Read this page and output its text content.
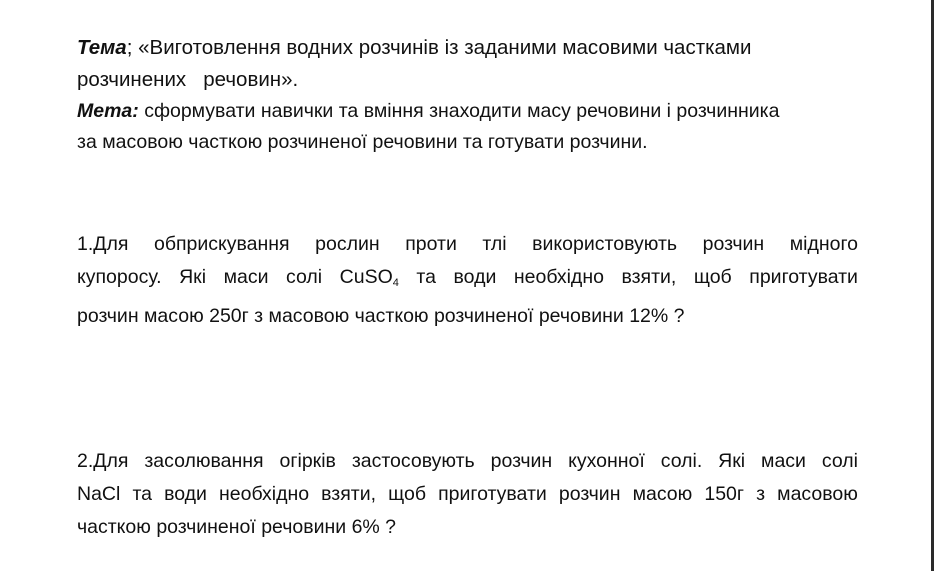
Тема; «Виготовлення водних розчинів із заданими масовими частками
розчинених   речовин».
Мета: сформувати навички та вміння знаходити масу речовини і розчинника
за масовою часткою розчиненої речовини та готувати розчини.
1.Для обприскування рослин проти тлі використовують розчин мідного
купоросу. Які маси солі CuSO$_4$ та води необхідно взяти, щоб приготувати
розчин масою 250г з масовою часткою розчиненої речовини 12% ?
2.Для засолювання огірків застосовують розчин кухонної солі. Які маси солі
NaCl та води необхідно взяти, щоб приготувати розчин масою 150г з масовою
часткою розчиненої речовини 6% ?
